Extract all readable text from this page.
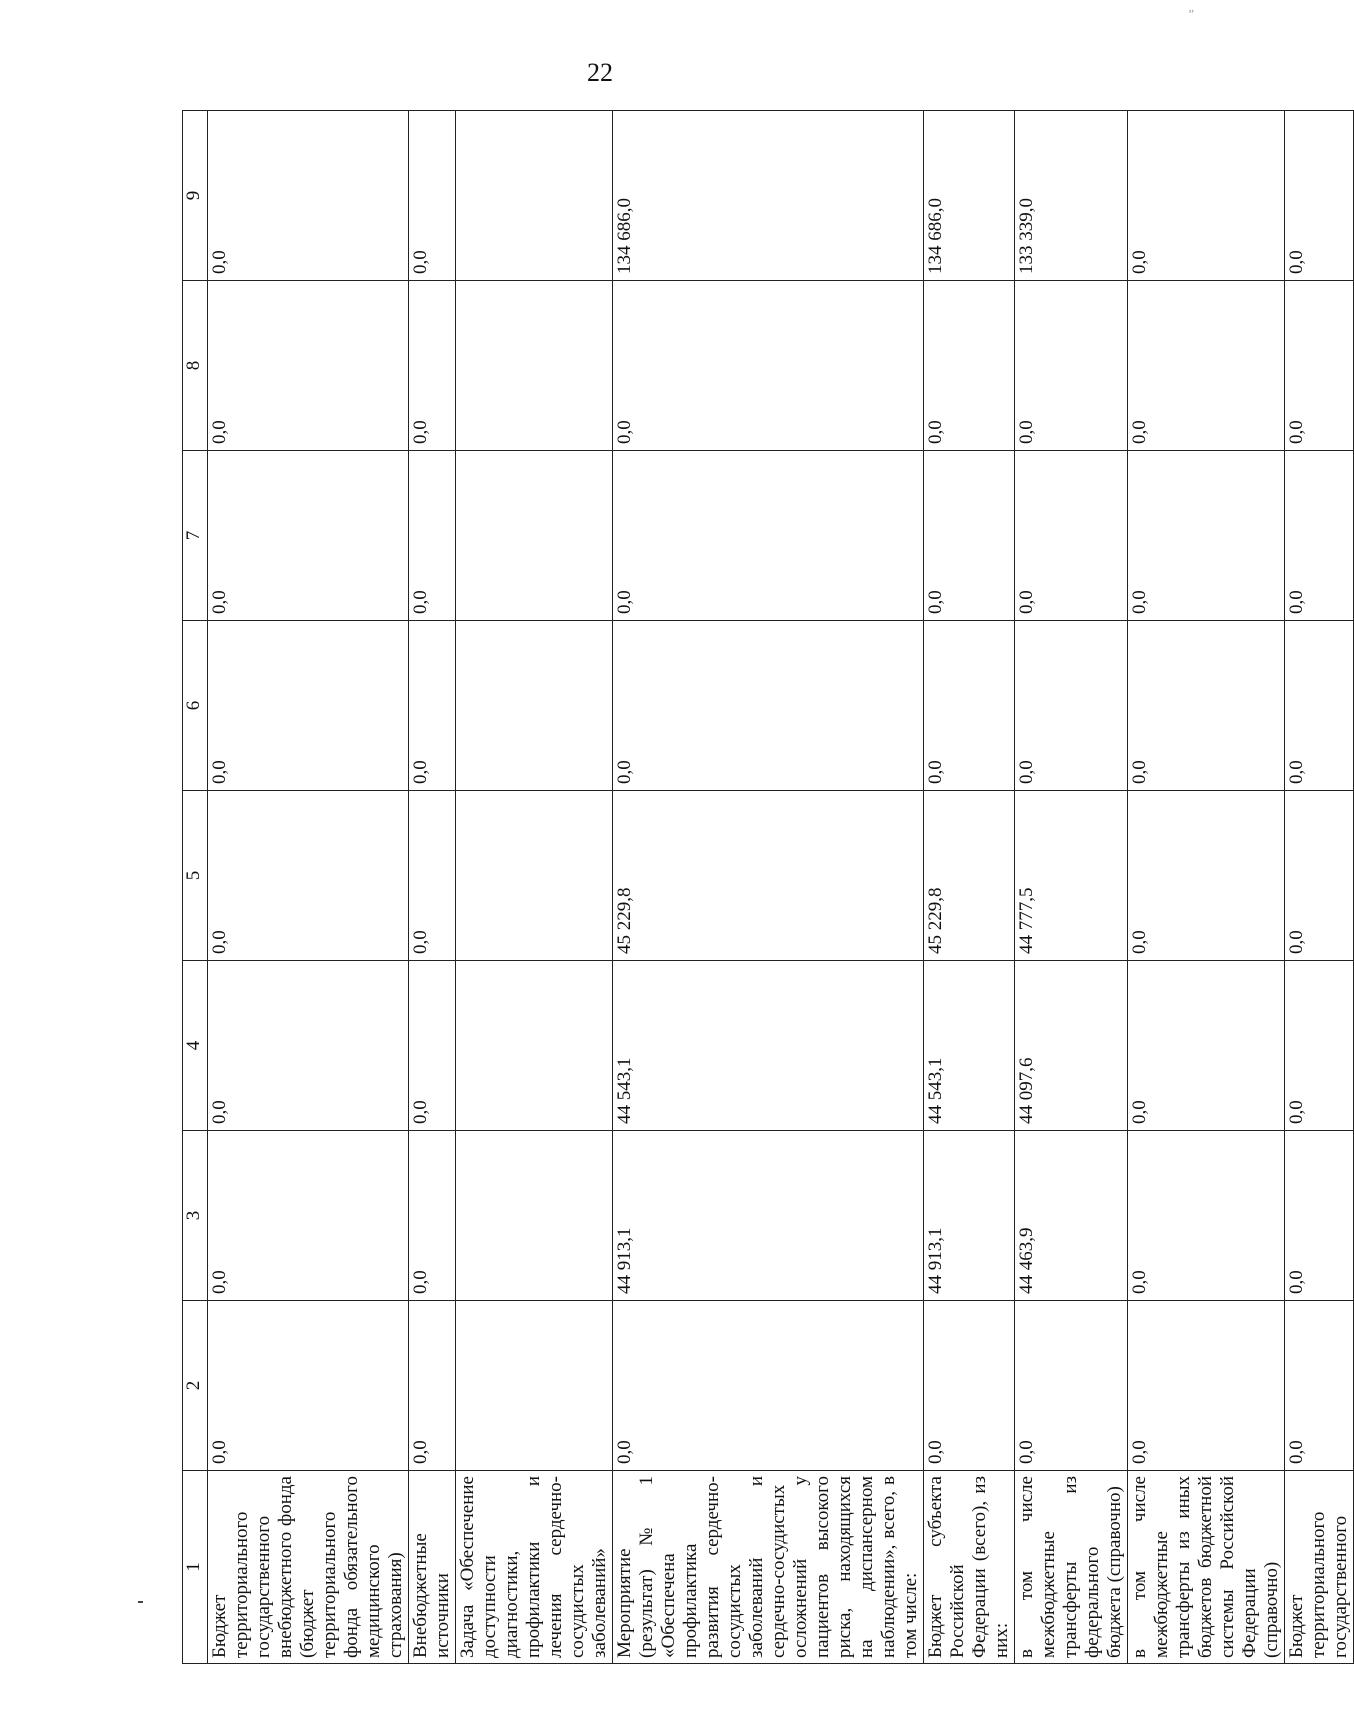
22
„
1	2	3	4	5	6	7	8	9
Бюджет территориального государственного внебюджетного фонда (бюджет территориального фонда обязательного медицинского страхования)	0,0	0,0	0,0	0,0	0,0	0,0	0,0	0,0
Внебюджетные источники	0,0	0,0	0,0	0,0	0,0	0,0	0,0	0,0
Задача «Обеспечение доступности диагностики, профилактики и лечения сердечно-сосудистых заболеваний»								
Мероприятие (результат) № 1 «Обеспечена профилактика развития сердечно-сосудистых заболеваний и сердечно-сосудистых осложнений у пациентов высокого риска, находящихся на диспансерном наблюдении», всего, в том числе:	0,0	44 913,1	44 543,1	45 229,8	0,0	0,0	0,0	134 686,0
Бюджет субъекта Российской Федерации (всего), из них:	0,0	44 913,1	44 543,1	45 229,8	0,0	0,0	0,0	134 686,0
в том числе межбюджетные трансферты из федерального бюджета (справочно)	0,0	44 463,9	44 097,6	44 777,5	0,0	0,0	0,0	133 339,0
в том числе межбюджетные трансферты из иных бюджетов бюджетной системы Российской Федерации (справочно)	0,0	0,0	0,0	0,0	0,0	0,0	0,0	0,0
Бюджет территориального государственного	0,0	0,0	0,0	0,0	0,0	0,0	0,0	0,0
